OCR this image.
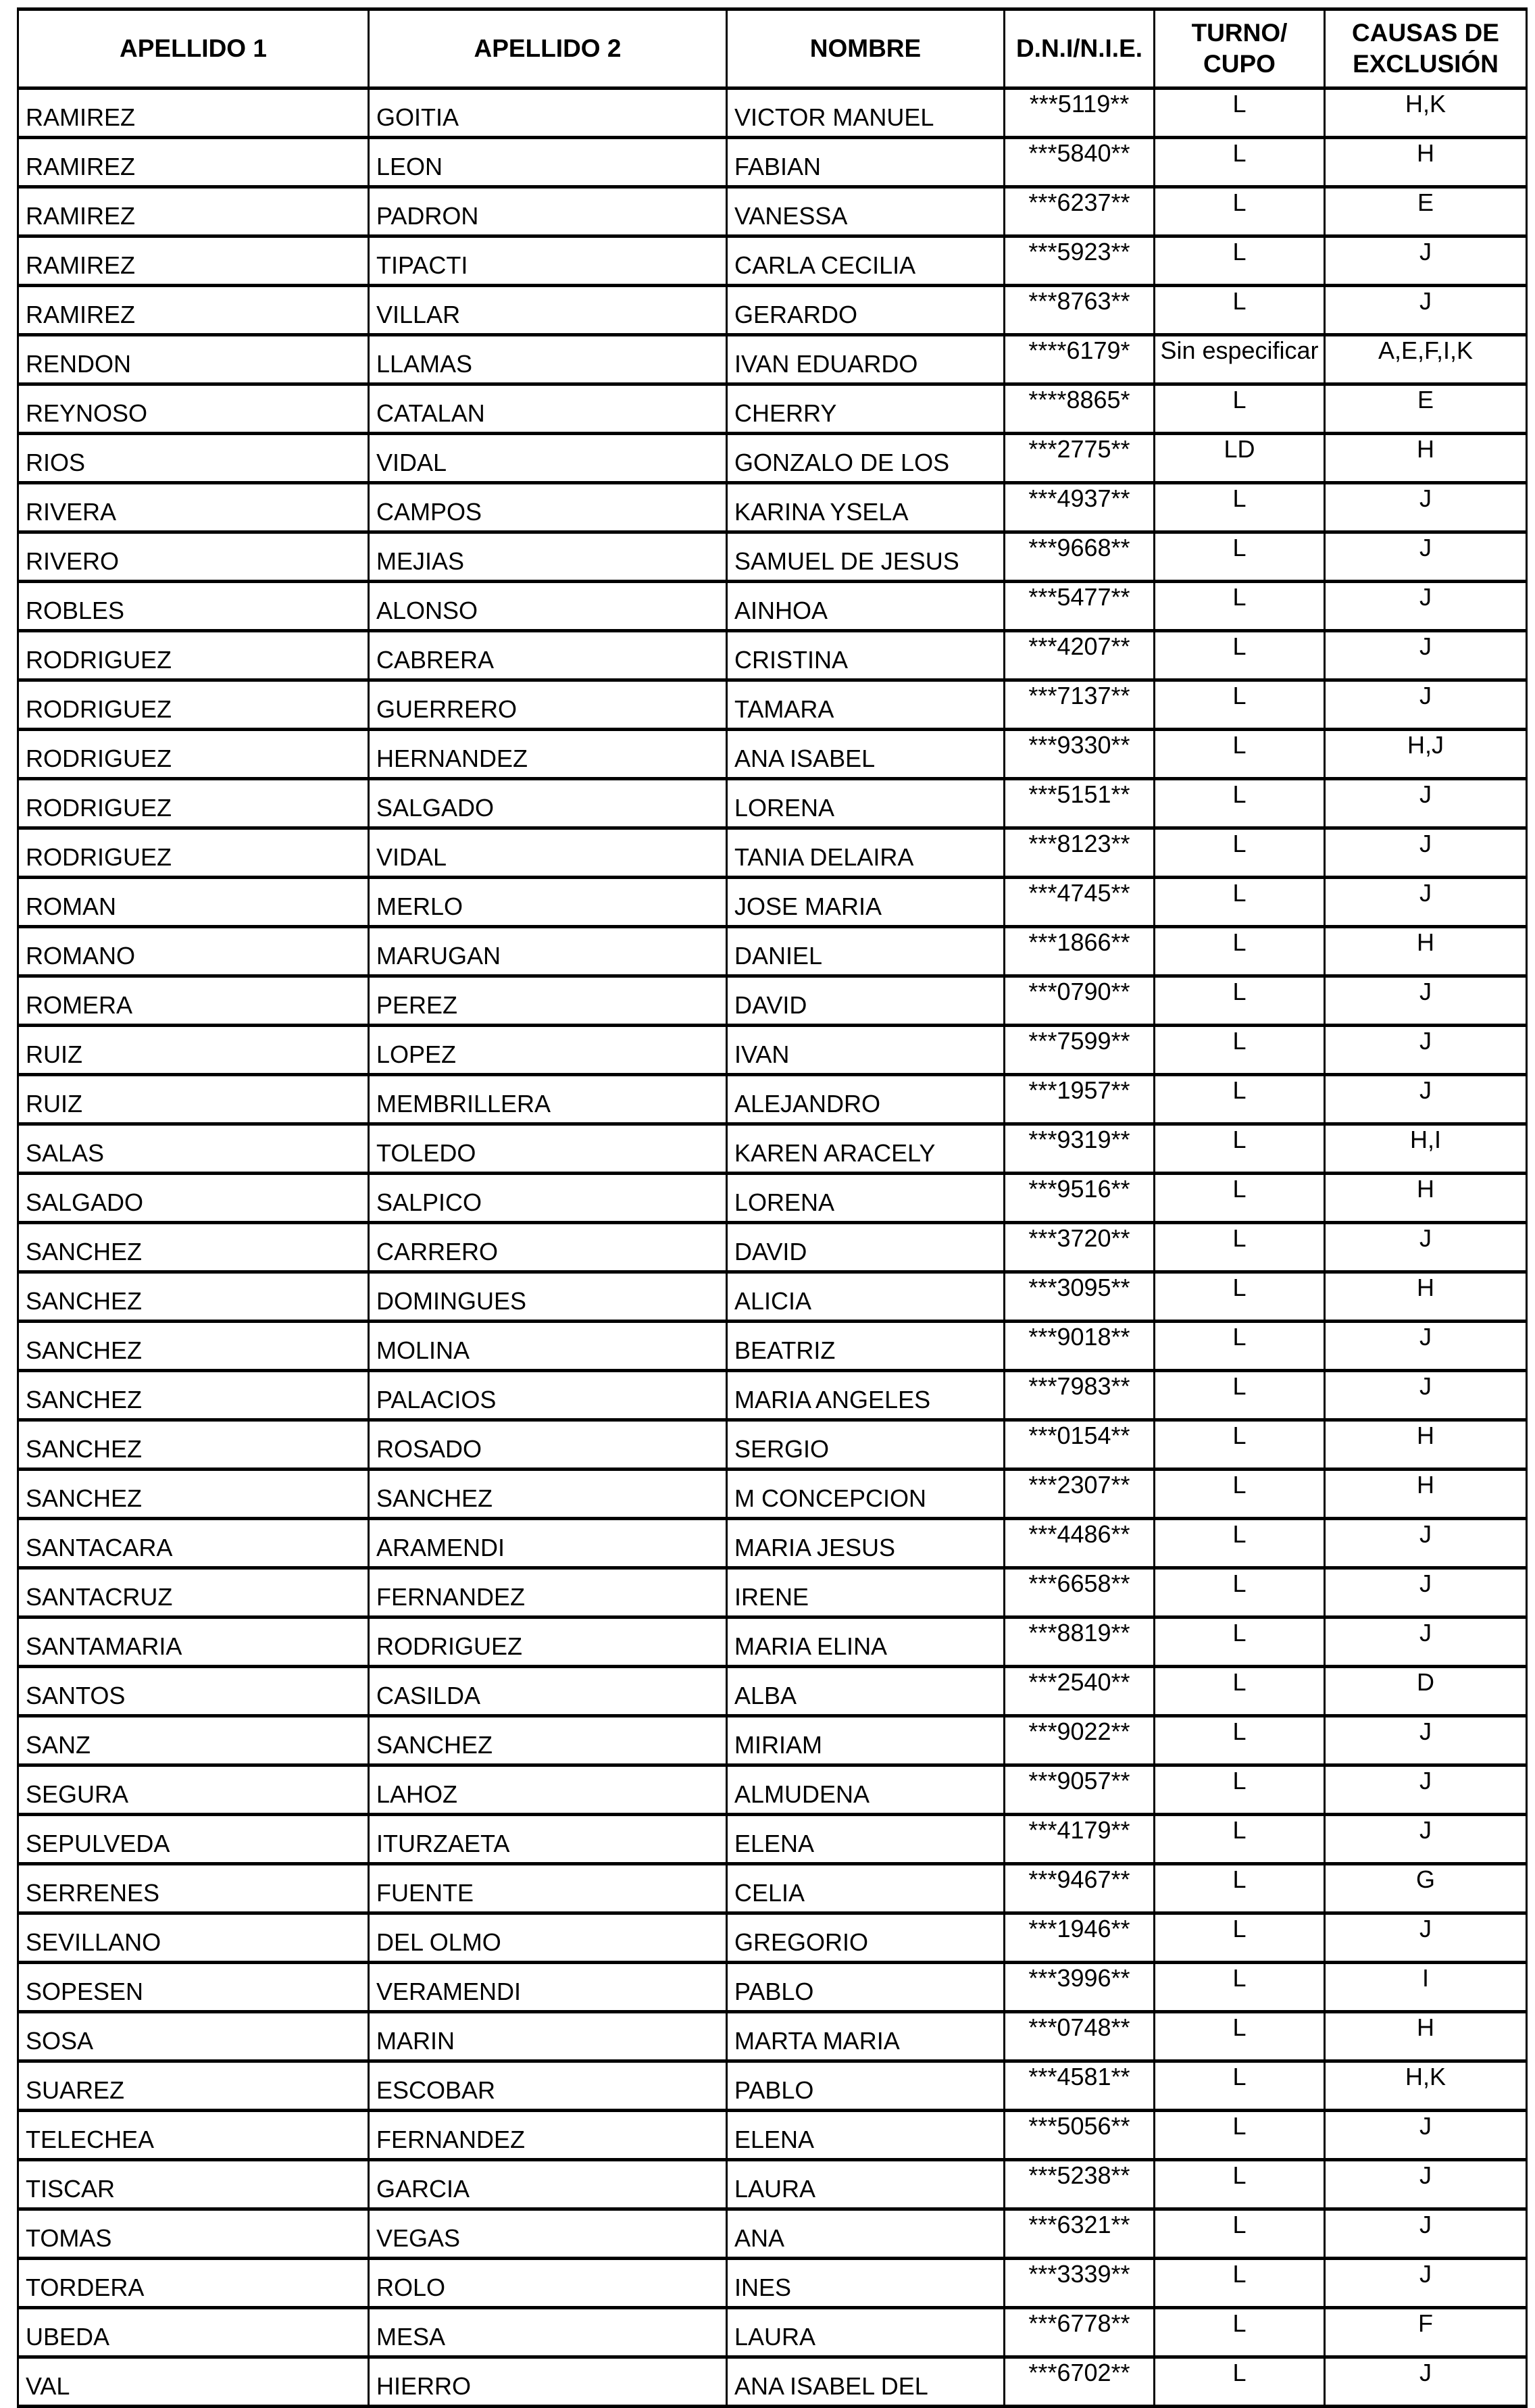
APELLIDO 1	APELLIDO 2	NOMBRE	D.N.I/N.I.E.	TURNO/ CUPO	CAUSAS DE EXCLUSIÓN
RAMIREZ	GOITIA	VICTOR MANUEL	***5119**	L	H,K
RAMIREZ	LEON	FABIAN	***5840**	L	H
RAMIREZ	PADRON	VANESSA	***6237**	L	E
RAMIREZ	TIPACTI	CARLA CECILIA	***5923**	L	J
RAMIREZ	VILLAR	GERARDO	***8763**	L	J
RENDON	LLAMAS	IVAN EDUARDO	****6179*	Sin especificar	A,E,F,I,K
REYNOSO	CATALAN	CHERRY	****8865*	L	E
RIOS	VIDAL	GONZALO DE LOS	***2775**	LD	H
RIVERA	CAMPOS	KARINA YSELA	***4937**	L	J
RIVERO	MEJIAS	SAMUEL DE JESUS	***9668**	L	J
ROBLES	ALONSO	AINHOA	***5477**	L	J
RODRIGUEZ	CABRERA	CRISTINA	***4207**	L	J
RODRIGUEZ	GUERRERO	TAMARA	***7137**	L	J
RODRIGUEZ	HERNANDEZ	ANA ISABEL	***9330**	L	H,J
RODRIGUEZ	SALGADO	LORENA	***5151**	L	J
RODRIGUEZ	VIDAL	TANIA DELAIRA	***8123**	L	J
ROMAN	MERLO	JOSE MARIA	***4745**	L	J
ROMANO	MARUGAN	DANIEL	***1866**	L	H
ROMERA	PEREZ	DAVID	***0790**	L	J
RUIZ	LOPEZ	IVAN	***7599**	L	J
RUIZ	MEMBRILLERA	ALEJANDRO	***1957**	L	J
SALAS	TOLEDO	KAREN ARACELY	***9319**	L	H,I
SALGADO	SALPICO	LORENA	***9516**	L	H
SANCHEZ	CARRERO	DAVID	***3720**	L	J
SANCHEZ	DOMINGUES	ALICIA	***3095**	L	H
SANCHEZ	MOLINA	BEATRIZ	***9018**	L	J
SANCHEZ	PALACIOS	MARIA ANGELES	***7983**	L	J
SANCHEZ	ROSADO	SERGIO	***0154**	L	H
SANCHEZ	SANCHEZ	M CONCEPCION	***2307**	L	H
SANTACARA	ARAMENDI	MARIA JESUS	***4486**	L	J
SANTACRUZ	FERNANDEZ	IRENE	***6658**	L	J
SANTAMARIA	RODRIGUEZ	MARIA ELINA	***8819**	L	J
SANTOS	CASILDA	ALBA	***2540**	L	D
SANZ	SANCHEZ	MIRIAM	***9022**	L	J
SEGURA	LAHOZ	ALMUDENA	***9057**	L	J
SEPULVEDA	ITURZAETA	ELENA	***4179**	L	J
SERRENES	FUENTE	CELIA	***9467**	L	G
SEVILLANO	DEL OLMO	GREGORIO	***1946**	L	J
SOPESEN	VERAMENDI	PABLO	***3996**	L	I
SOSA	MARIN	MARTA MARIA	***0748**	L	H
SUAREZ	ESCOBAR	PABLO	***4581**	L	H,K
TELECHEA	FERNANDEZ	ELENA	***5056**	L	J
TISCAR	GARCIA	LAURA	***5238**	L	J
TOMAS	VEGAS	ANA	***6321**	L	J
TORDERA	ROLO	INES	***3339**	L	J
UBEDA	MESA	LAURA	***6778**	L	F
VAL	HIERRO	ANA ISABEL DEL	***6702**	L	J
